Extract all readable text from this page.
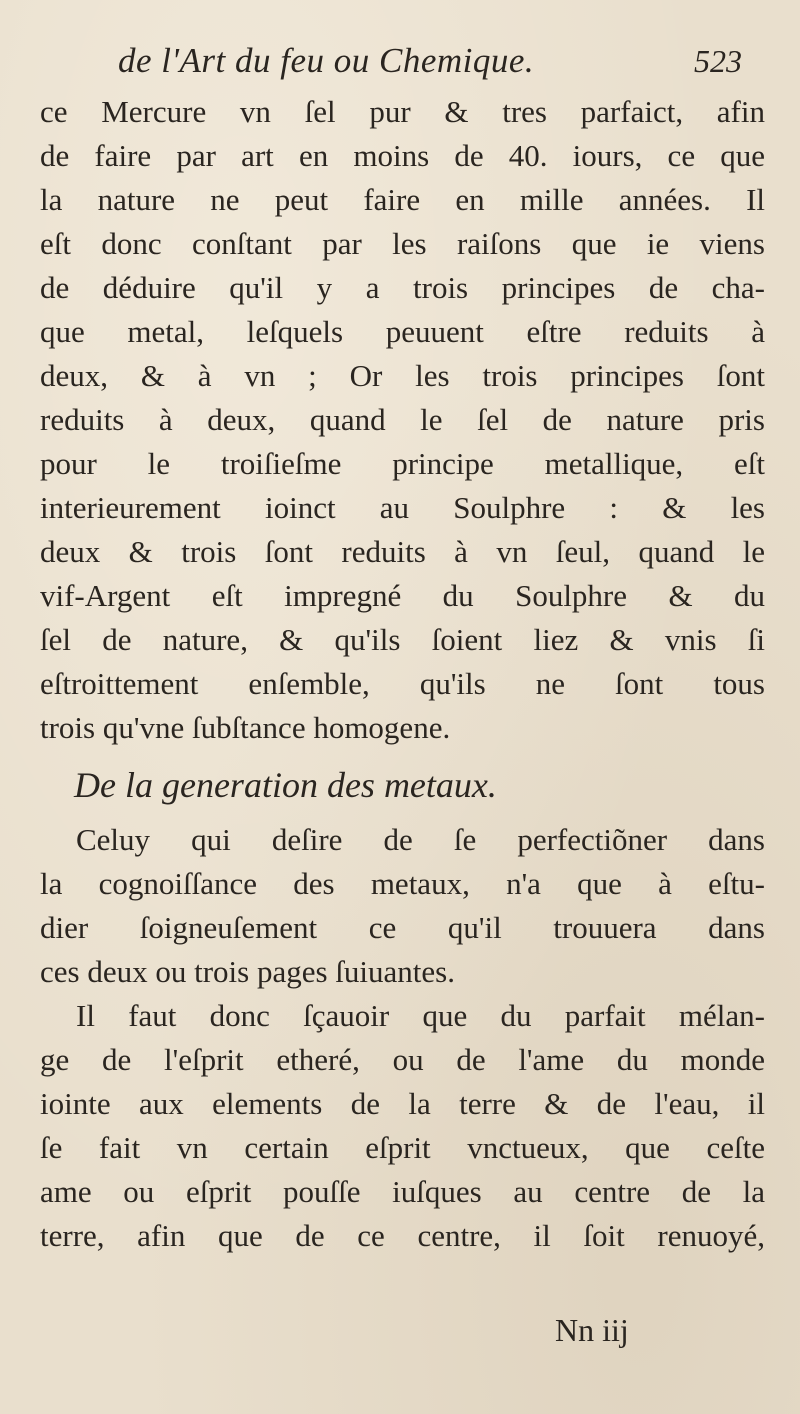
de l'Art du feu ou Chemique.	523
ce Mercure vn ſel pur & tres parfaict, afin
de faire par art en moins de 40. iours, ce que
la nature ne peut faire en mille années. Il
eſt donc conſtant par les raiſons que ie viens
de déduire qu'il y a trois principes de cha-
que metal, leſquels peuuent eſtre reduits à
deux, & à vn ; Or les trois principes ſont
reduits à deux, quand le ſel de nature pris
pour le troiſieſme principe metallique, eſt
interieurement ioinct au Soulphre : & les
deux & trois ſont reduits à vn ſeul, quand le
vif-Argent eſt impregné du Soulphre & du
ſel de nature, & qu'ils ſoient liez & vnis ſi
eſtroittement enſemble, qu'ils ne ſont tous
trois qu'vne ſubſtance homogene.
De la generation des metaux.
Celuy qui deſire de ſe perfectiõner dans
la cognoiſſance des metaux, n'a que à eſtu-
dier ſoigneuſement ce qu'il trouuera dans
ces deux ou trois pages ſuiuantes.
Il faut donc ſçauoir que du parfait mélan-
ge de l'eſprit etheré, ou de l'ame du monde
iointe aux elements de la terre & de l'eau, il
ſe fait vn certain eſprit vnctueux, que ceſte
ame ou eſprit pouſſe iuſques au centre de la
terre, afin que de ce centre, il ſoit renuoyé,
Nn iij
